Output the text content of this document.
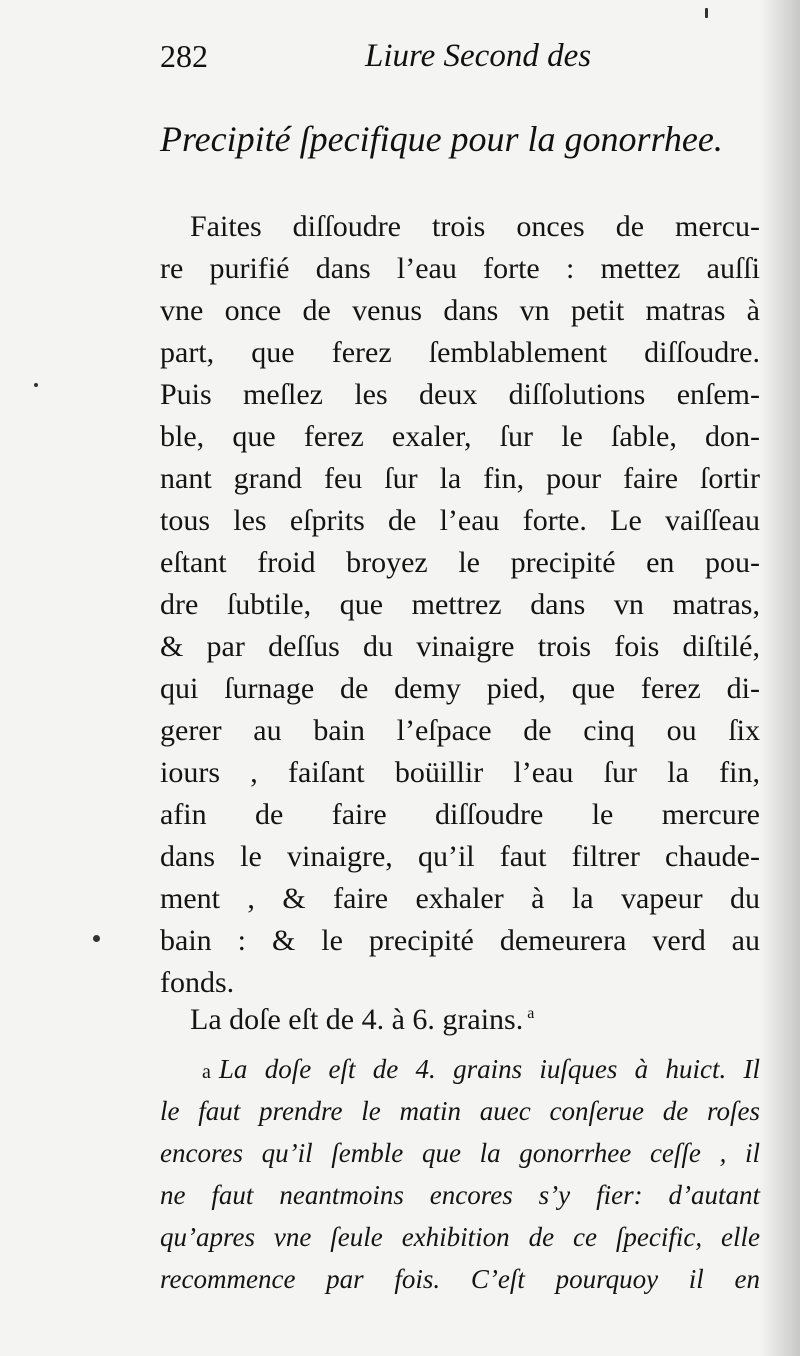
282	Liure Second des
Precipité ſpecifique pour la gonorrhee.
Faites diſſoudre trois onces de mercu-
re purifié dans l’eau forte : mettez auſſi
vne once de venus dans vn petit matras à
part, que ferez ſemblablement diſſoudre.
Puis meſlez les deux diſſolutions enſem-
ble, que ferez exaler, ſur le ſable, don-
nant grand feu ſur la fin, pour faire ſortir
tous les eſprits de l’eau forte. Le vaiſſeau
eſtant froid broyez le precipité en pou-
dre ſubtile, que mettrez dans vn matras,
& par deſſus du vinaigre trois fois diſtilé,
qui ſurnage de demy pied, que ferez di-
gerer au bain l’eſpace de cinq ou ſix
iours , faiſant boüillir l’eau ſur la fin,
afin de faire diſſoudre le mercure
dans le vinaigre, qu’il faut filtrer chaude-
ment , & faire exhaler à la vapeur du
bain : & le precipité demeurera verd au
fonds.
La doſe eſt de 4. à 6. grains. $^a$
a La doſe eſt de 4. grains iuſques à huict. Il
le faut prendre le matin auec conſerue de roſes
encores qu’il ſemble que la gonorrhee ceſſe , il
ne faut neantmoins encores s’y fier: d’autant
qu’apres vne ſeule exhibition de ce ſpecific, elle
recommence par fois. C’eſt pourquoy il en
